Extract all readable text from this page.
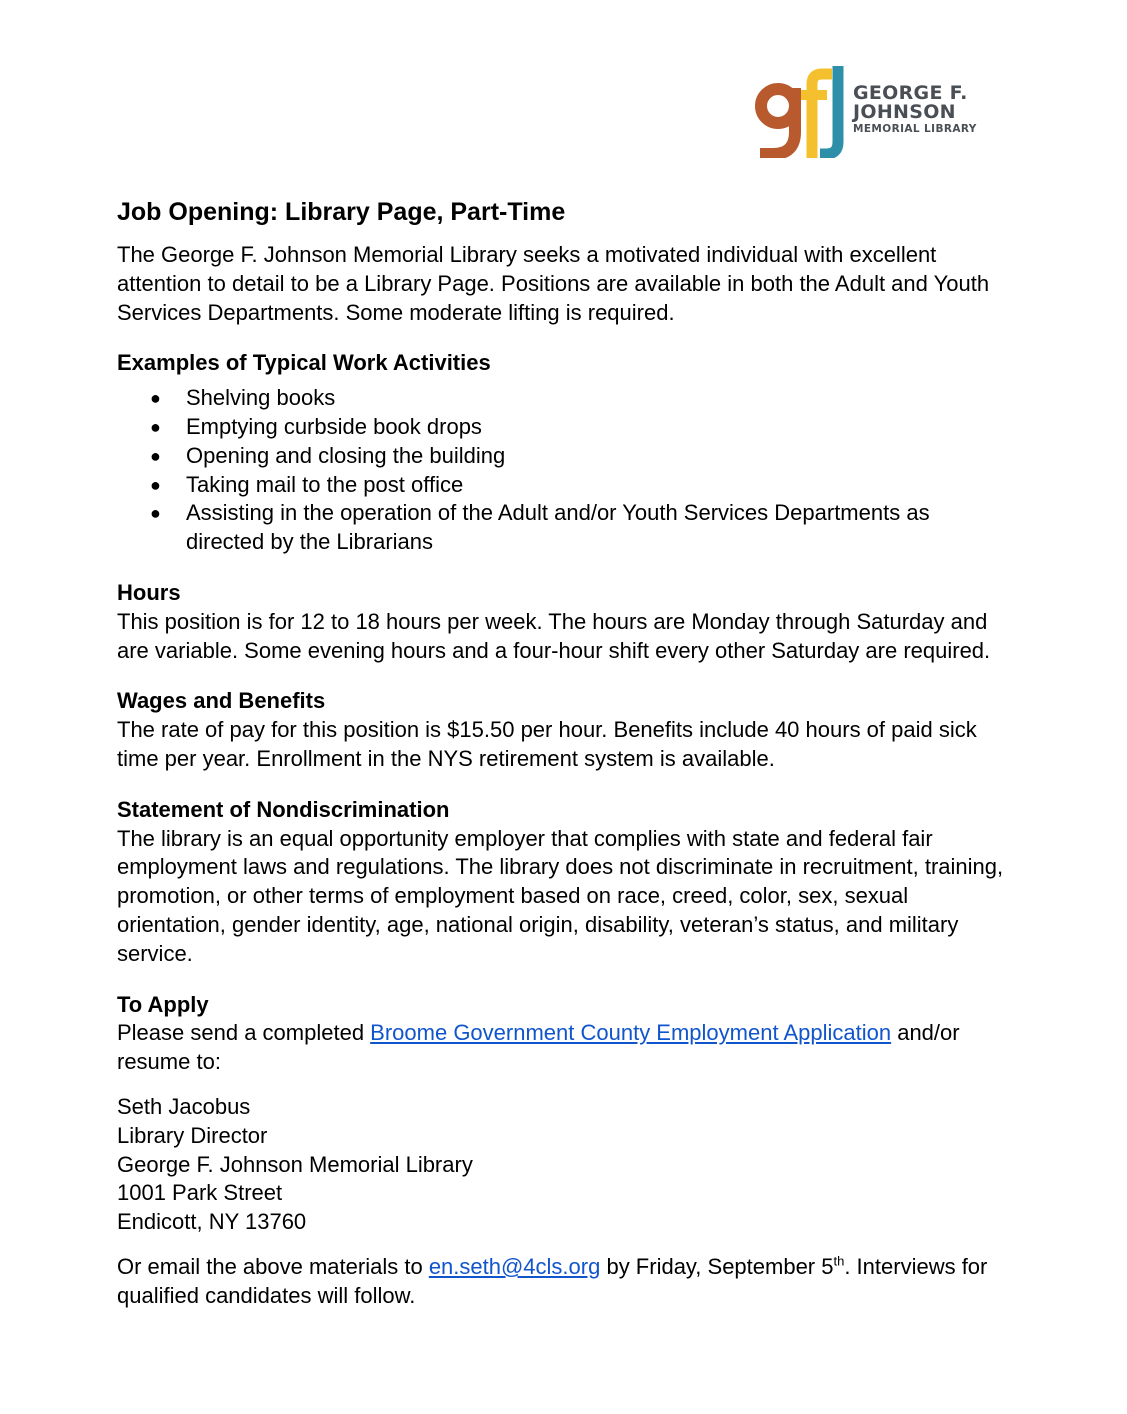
GEORGE F.
JOHNSON
MEMORIAL LIBRARY
Job Opening: Library Page, Part-Time

The George F. Johnson Memorial Library seeks a motivated individual with excellent attention to detail to be a Library Page. Positions are available in both the Adult and Youth Services Departments. Some moderate lifting is required.

Examples of Typical Work Activities
● Shelving books
● Emptying curbside book drops
● Opening and closing the building
● Taking mail to the post office
● Assisting in the operation of the Adult and/or Youth Services Departments as directed by the Librarians
Hours

This position is for 12 to 18 hours per week. The hours are Monday through Saturday and are variable. Some evening hours and a four-hour shift every other Saturday are required.

Wages and Benefits

The rate of pay for this position is $15.50 per hour. Benefits include 40 hours of paid sick time per year. Enrollment in the NYS retirement system is available.

Statement of Nondiscrimination

The library is an equal opportunity employer that complies with state and federal fair employment laws and regulations. The library does not discriminate in recruitment, training, promotion, or other terms of employment based on race, creed, color, sex, sexual orientation, gender identity, age, national origin, disability, veteran’s status, and military service.

To Apply

Please send a completed Broome Government County Employment Application and/or resume to:

Seth Jacobus
Library Director
George F. Johnson Memorial Library
1001 Park Street
Endicott, NY 13760

Or email the above materials to en.seth@4cls.org by Friday, September 5th. Interviews for qualified candidates will follow.
